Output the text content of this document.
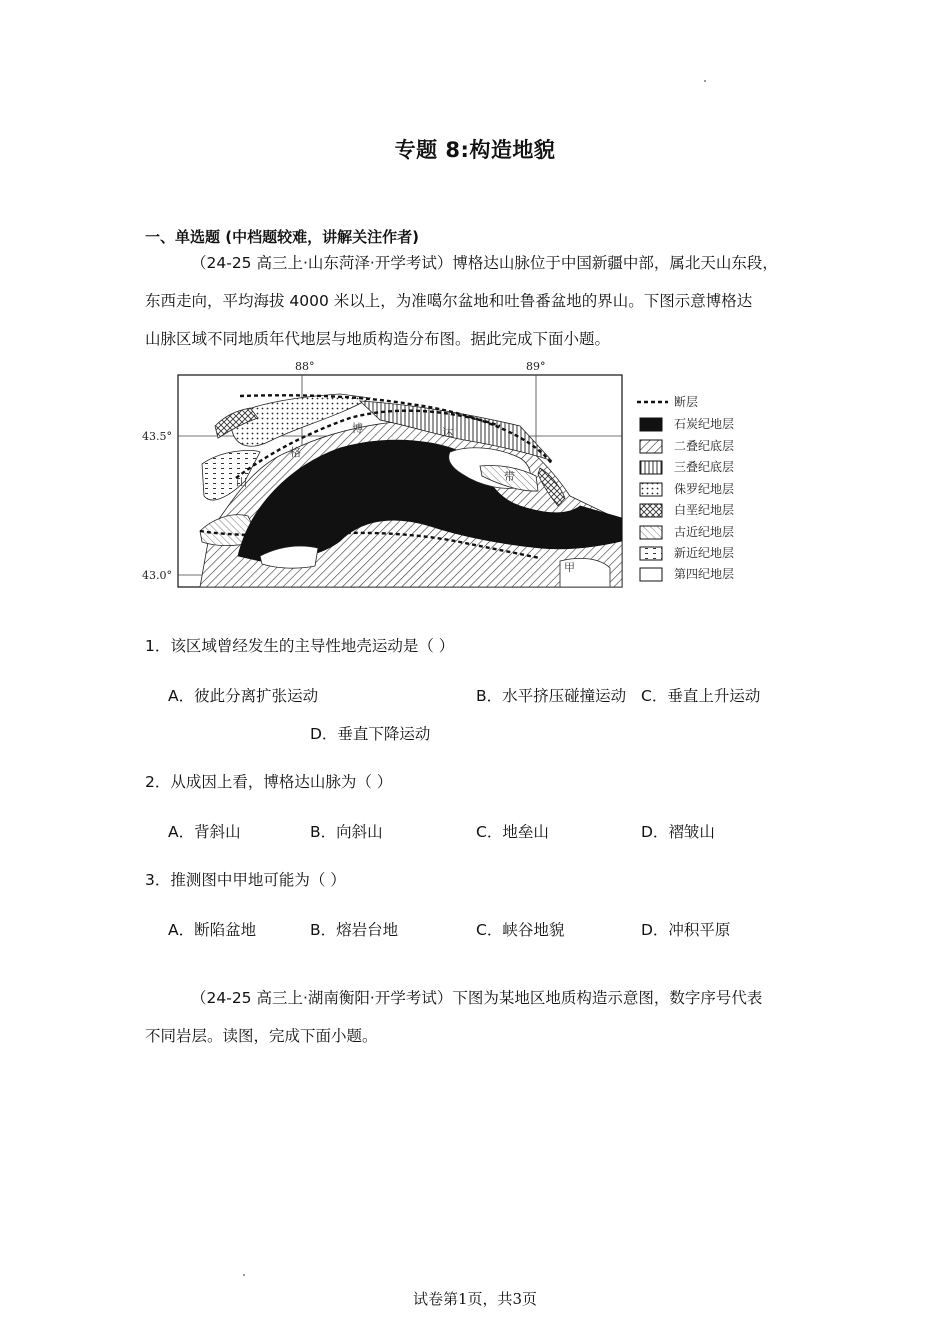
专题 8:构造地貌
一、单选题 (中档题较难，讲解关注作者)
（24-25 高三上·山东菏泽·开学考试）博格达山脉位于中国新疆中部，属北天山东段，
东西走向，平均海拔 4000 米以上，为准噶尔盆地和吐鲁番盆地的界山。下图示意博格达
山脉区域不同地质年代地层与地质构造分布图。据此完成下面小题。
博
格
达
山	带
甲
88°	89°
43.5°
43.0°
断层
石炭纪地层
二叠纪底层
三叠纪底层
侏罗纪地层
白垩纪地层
古近纪地层
新近纪地层
第四纪地层
1．该区域曾经发生的主导性地壳运动是（ ）
A．彼此分离扩张运动	B．水平挤压碰撞运动 C．垂直上升运动
D．垂直下降运动
2．从成因上看，博格达山脉为（ ）
A．背斜山	B．向斜山	C．地垒山	D．褶皱山
3．推测图中甲地可能为（ ）
A．断陷盆地	B．熔岩台地	C．峡谷地貌	D．冲积平原
（24-25 高三上·湖南衡阳·开学考试）下图为某地区地质构造示意图，数字序号代表
不同岩层。读图，完成下面小题。
试卷第1页，共3页
